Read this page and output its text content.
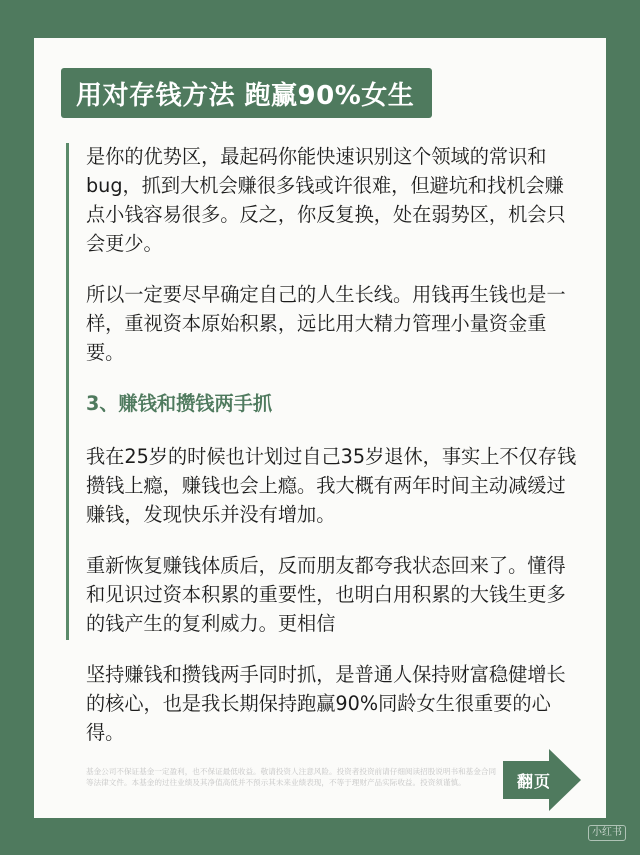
用对存钱方法 跑赢90%女生

是你的优势区，最起码你能快速识别这个领域的常识和bug，抓到大机会赚很多钱或许很难，但避坑和找机会赚点小钱容易很多。反之，你反复换，处在弱势区，机会只会更少。

所以一定要尽早确定自己的人生长线。用钱再生钱也是一样，重视资本原始积累，远比用大精力管理小量资金重要。

3、赚钱和攒钱两手抓

我在25岁的时候也计划过自己35岁退休，事实上不仅存钱攒钱上瘾，赚钱也会上瘾。我大概有两年时间主动减缓过赚钱，发现快乐并没有增加。

重新恢复赚钱体质后，反而朋友都夸我状态回来了。懂得和见识过资本积累的重要性，也明白用积累的大钱生更多的钱产生的复利威力。更相信

坚持赚钱和攒钱两手同时抓，是普通人保持财富稳健增长的核心，也是我长期保持跑赢90%同龄女生很重要的心得。

基金公司不保证基金一定盈利，也不保证最低收益。敬请投资人注意风险。投资者投资前请仔细阅读招股说明书和基金合同等法律文件。本基金的过往业绩及其净值高低并不预示其未来业绩表现，不等于理财产品实际收益。投资须谨慎。	翻页
小红书
